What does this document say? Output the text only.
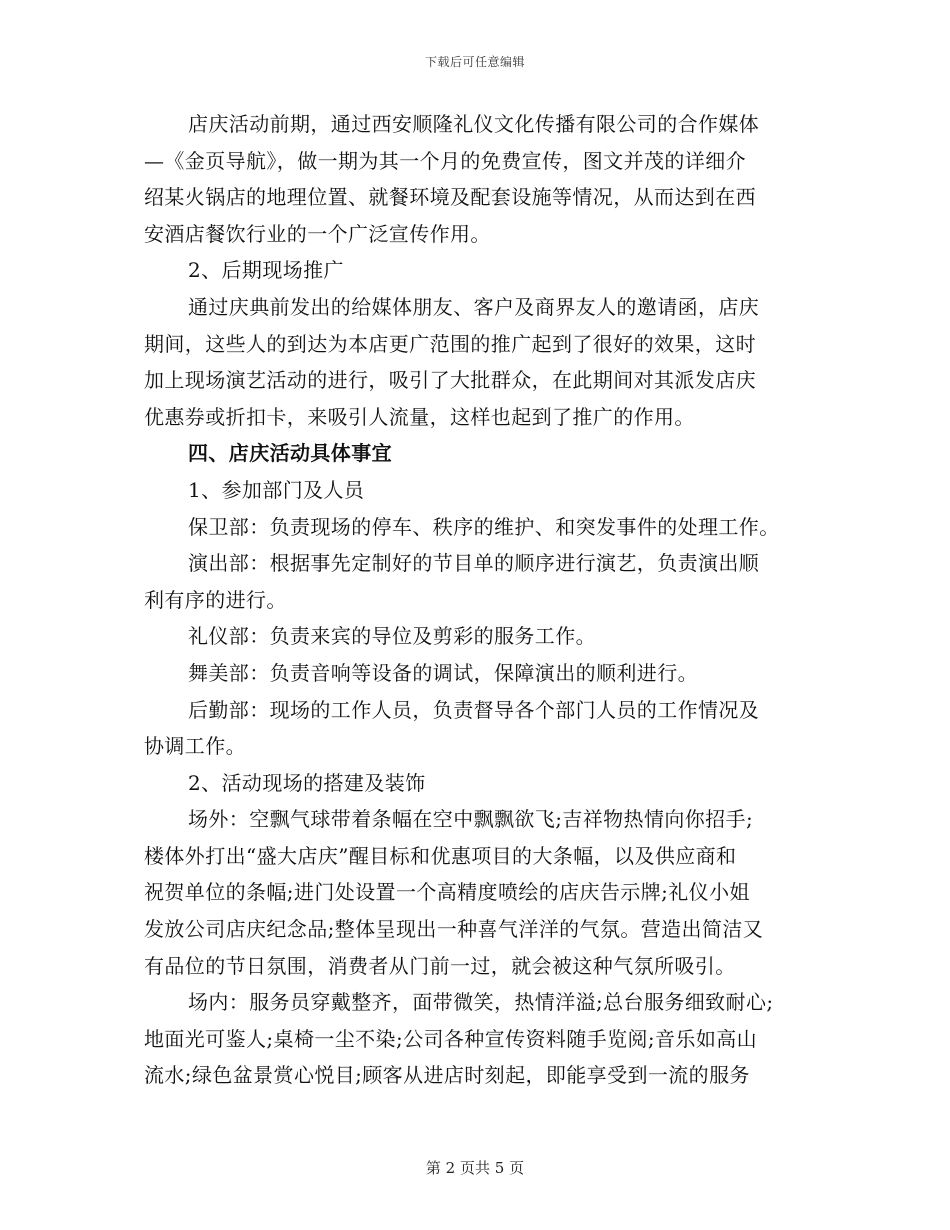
下载后可任意编辑
店庆活动前期，通过西安顺隆礼仪文化传播有限公司的合作媒体
—《金页导航》，做一期为其一个月的免费宣传，图文并茂的详细介
绍某火锅店的地理位置、就餐环境及配套设施等情况，从而达到在西
安酒店餐饮行业的一个广泛宣传作用。
2、后期现场推广
通过庆典前发出的给媒体朋友、客户及商界友人的邀请函，店庆
期间，这些人的到达为本店更广范围的推广起到了很好的效果，这时
加上现场演艺活动的进行，吸引了大批群众，在此期间对其派发店庆
优惠券或折扣卡，来吸引人流量，这样也起到了推广的作用。
四、店庆活动具体事宜
1、参加部门及人员
保卫部：负责现场的停车、秩序的维护、和突发事件的处理工作。
演出部：根据事先定制好的节目单的顺序进行演艺，负责演出顺
利有序的进行。
礼仪部：负责来宾的导位及剪彩的服务工作。
舞美部：负责音响等设备的调试，保障演出的顺利进行。
后勤部：现场的工作人员，负责督导各个部门人员的工作情况及
协调工作。
2、活动现场的搭建及装饰
场外：空飘气球带着条幅在空中飘飘欲飞;吉祥物热情向你招手;
楼体外打出“盛大店庆”醒目标和优惠项目的大条幅，以及供应商和
祝贺单位的条幅;进门处设置一个高精度喷绘的店庆告示牌;礼仪小姐
发放公司店庆纪念品;整体呈现出一种喜气洋洋的气氛。营造出简洁又
有品位的节日氛围，消费者从门前一过，就会被这种气氛所吸引。
场内：服务员穿戴整齐，面带微笑，热情洋溢;总台服务细致耐心;
地面光可鉴人;桌椅一尘不染;公司各种宣传资料随手览阅;音乐如高山
流水;绿色盆景赏心悦目;顾客从进店时刻起，即能享受到一流的服务
第 2 页共 5 页
